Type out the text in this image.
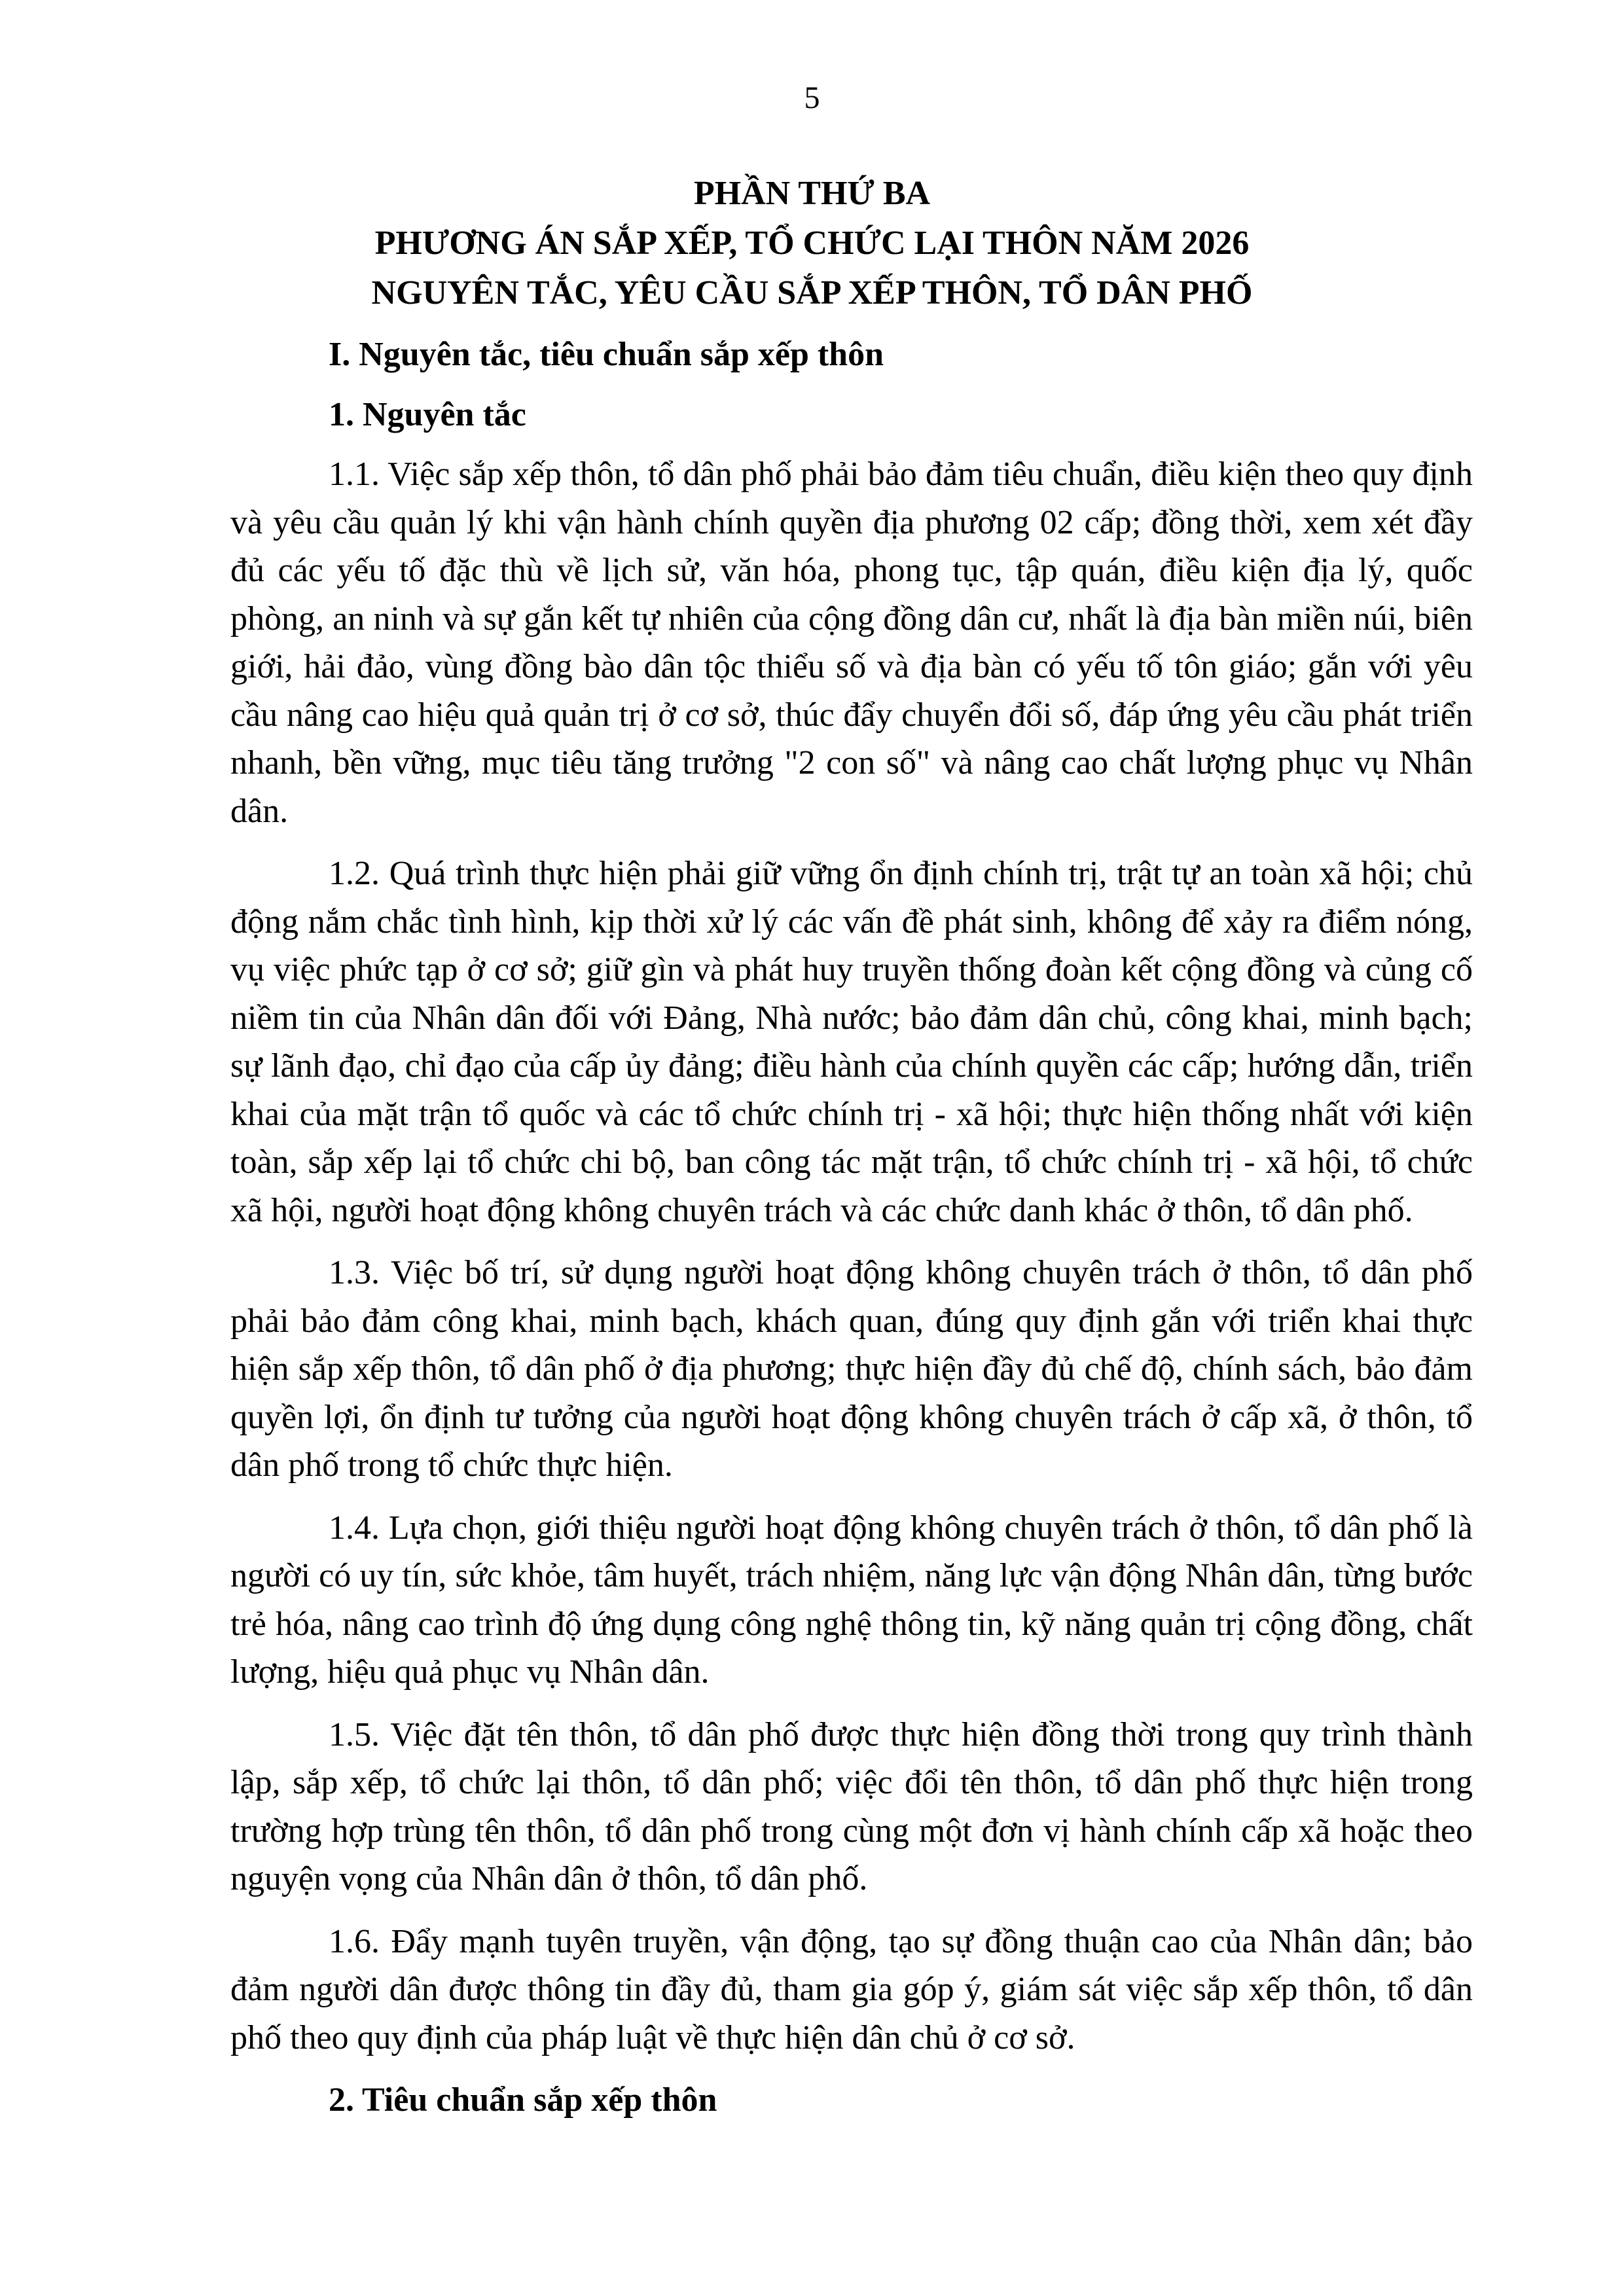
5
PHẦN THỨ BA
PHƯƠNG ÁN SẮP XẾP, TỔ CHỨC LẠI THÔN NĂM 2026
NGUYÊN TẮC, YÊU CẦU SẮP XẾP THÔN, TỔ DÂN PHỐ

I. Nguyên tắc, tiêu chuẩn sắp xếp thôn

1. Nguyên tắc

1.1. Việc sắp xếp thôn, tổ dân phố phải bảo đảm tiêu chuẩn, điều kiện theo quy định và yêu cầu quản lý khi vận hành chính quyền địa phương 02 cấp; đồng thời, xem xét đầy đủ các yếu tố đặc thù về lịch sử, văn hóa, phong tục, tập quán, điều kiện địa lý, quốc phòng, an ninh và sự gắn kết tự nhiên của cộng đồng dân cư, nhất là địa bàn miền núi, biên giới, hải đảo, vùng đồng bào dân tộc thiểu số và địa bàn có yếu tố tôn giáo; gắn với yêu cầu nâng cao hiệu quả quản trị ở cơ sở, thúc đẩy chuyển đổi số, đáp ứng yêu cầu phát triển nhanh, bền vững, mục tiêu tăng trưởng "2 con số" và nâng cao chất lượng phục vụ Nhân dân.

1.2. Quá trình thực hiện phải giữ vững ổn định chính trị, trật tự an toàn xã hội; chủ động nắm chắc tình hình, kịp thời xử lý các vấn đề phát sinh, không để xảy ra điểm nóng, vụ việc phức tạp ở cơ sở; giữ gìn và phát huy truyền thống đoàn kết cộng đồng và củng cố niềm tin của Nhân dân đối với Đảng, Nhà nước; bảo đảm dân chủ, công khai, minh bạch; sự lãnh đạo, chỉ đạo của cấp ủy đảng; điều hành của chính quyền các cấp; hướng dẫn, triển khai của mặt trận tổ quốc và các tổ chức chính trị - xã hội; thực hiện thống nhất với kiện toàn, sắp xếp lại tổ chức chi bộ, ban công tác mặt trận, tổ chức chính trị - xã hội, tổ chức xã hội, người hoạt động không chuyên trách và các chức danh khác ở thôn, tổ dân phố.

1.3. Việc bố trí, sử dụng người hoạt động không chuyên trách ở thôn, tổ dân phố phải bảo đảm công khai, minh bạch, khách quan, đúng quy định gắn với triển khai thực hiện sắp xếp thôn, tổ dân phố ở địa phương; thực hiện đầy đủ chế độ, chính sách, bảo đảm quyền lợi, ổn định tư tưởng của người hoạt động không chuyên trách ở cấp xã, ở thôn, tổ dân phố trong tổ chức thực hiện.

1.4. Lựa chọn, giới thiệu người hoạt động không chuyên trách ở thôn, tổ dân phố là người có uy tín, sức khỏe, tâm huyết, trách nhiệm, năng lực vận động Nhân dân, từng bước trẻ hóa, nâng cao trình độ ứng dụng công nghệ thông tin, kỹ năng quản trị cộng đồng, chất lượng, hiệu quả phục vụ Nhân dân.

1.5. Việc đặt tên thôn, tổ dân phố được thực hiện đồng thời trong quy trình thành lập, sắp xếp, tổ chức lại thôn, tổ dân phố; việc đổi tên thôn, tổ dân phố thực hiện trong trường hợp trùng tên thôn, tổ dân phố trong cùng một đơn vị hành chính cấp xã hoặc theo nguyện vọng của Nhân dân ở thôn, tổ dân phố.

1.6. Đẩy mạnh tuyên truyền, vận động, tạo sự đồng thuận cao của Nhân dân; bảo đảm người dân được thông tin đầy đủ, tham gia góp ý, giám sát việc sắp xếp thôn, tổ dân phố theo quy định của pháp luật về thực hiện dân chủ ở cơ sở.

2. Tiêu chuẩn sắp xếp thôn
